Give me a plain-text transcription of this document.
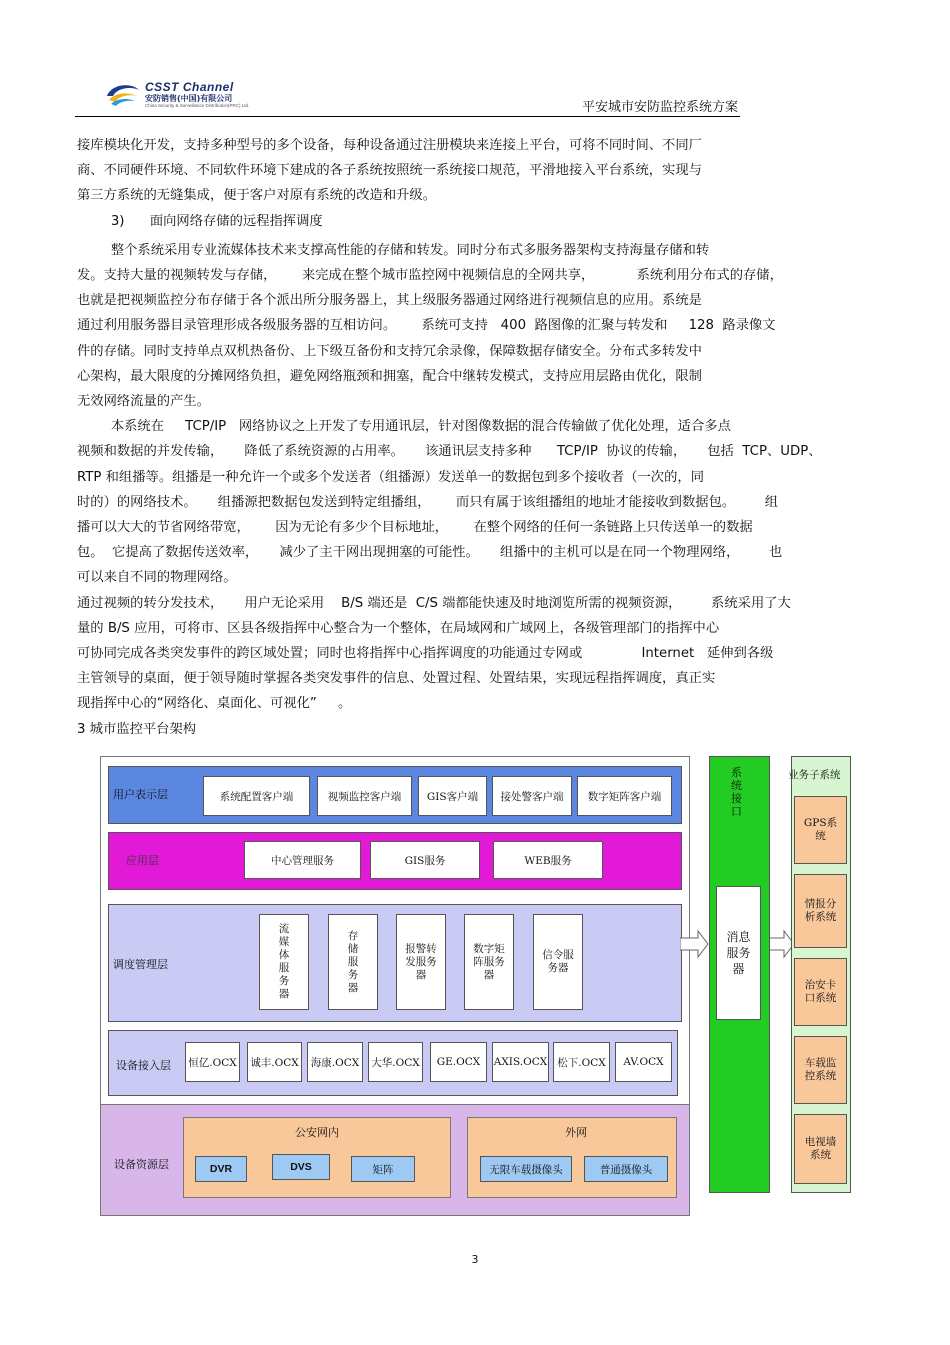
CSST Channel
安防销售(中国)有限公司
China Security & Surveillance Distribution(PRC) Ltd.	平安城市安防监控系统方案

接库模块化开发，支持多种型号的多个设备，每种设备通过注册模块来连接上平台，可将不同时间、不同厂

商、不同硬件环境、不同软件环境下建成的各子系统按照统一系统接口规范，平滑地接入平台系统，实现与

第三方系统的无缝集成，便于客户对原有系统的改造和升级。

3)      面向网络存储的远程指挥调度

整个系统采用专业流媒体技术来支撑高性能的存储和转发。同时分布式多服务器架构支持海量存储和转

发。支持大量的视频转发与存储，      来完成在整个城市监控网中视频信息的全网共享，          系统利用分布式的存储，

也就是把视频监控分布存储于各个派出所分服务器上，其上级服务器通过网络进行视频信息的应用。系统是

通过利用服务器目录管理形成各级服务器的互相访问。      系统可支持   400  路图像的汇聚与转发和     128  路录像文

件的存储。同时支持单点双机热备份、上下级互备份和支持冗余录像，保障数据存储安全。分布式多转发中

心架构，最大限度的分摊网络负担，避免网络瓶颈和拥塞，配合中继转发模式，支持应用层路由优化，限制

无效网络流量的产生。

本系统在     TCP/IP   网络协议之上开发了专用通讯层，针对图像数据的混合传输做了优化处理，适合多点

视频和数据的并发传输，     降低了系统资源的占用率。     该通讯层支持多种      TCP/IP  协议的传输，     包括  TCP、UDP、

RTP 和组播等。组播是一种允许一个或多个发送者（组播源）发送单一的数据包到多个接收者（一次的，同

时的）的网络技术。     组播源把数据包发送到特定组播组，      而只有属于该组播组的地址才能接收到数据包。       组

播可以大大的节省网络带宽，      因为无论有多少个目标地址，      在整个网络的任何一条链路上只传送单一的数据

包。  它提高了数据传送效率，     减少了主干网出现拥塞的可能性。     组播中的主机可以是在同一个物理网络，       也

可以来自不同的物理网络。

通过视频的转分发技术，     用户无论采用    B/S 端还是  C/S 端都能快速及时地浏览所需的视频资源，       系统采用了大

量的 B/S 应用，可将市、区县各级指挥中心整合为一个整体，在局域网和广域网上，各级管理部门的指挥中心

可协同完成各类突发事件的跨区域处置；同时也将指挥中心指挥调度的功能通过专网或              Internet   延伸到各级

主管领导的桌面，便于领导随时掌握各类突发事件的信息、处置过程、处置结果，实现远程指挥调度，真正实

现指挥中心的“网络化、桌面化、可视化”     。

3 城市监控平台架构

用户表示层	系统配置客户端	视频监控客户端	GIS客户端	接处警客户端	数字矩阵客户端
应用层	中心管理服务	GIS服务	WEB服务
调度管理层
流
媒
体
服
务
器
存
储
服
务
器
报警转
发服务
器
数字矩
阵服务
器
信令服
务器
设备接入层	恒亿.OCX	诚丰.OCX	海康.OCX	大华.OCX	GE.OCX	AXIS.OCX 松下.OCX	AV.OCX
设备资源层
公安网内
DVR	DVS	矩阵
外网
无限车载摄像头	普通摄像头
系
统
接
口
消息
服务
器
业务子系统
GPS系
统
情报分
析系统
治安卡
口系统
车载监
控系统
电视墙
系统
3
